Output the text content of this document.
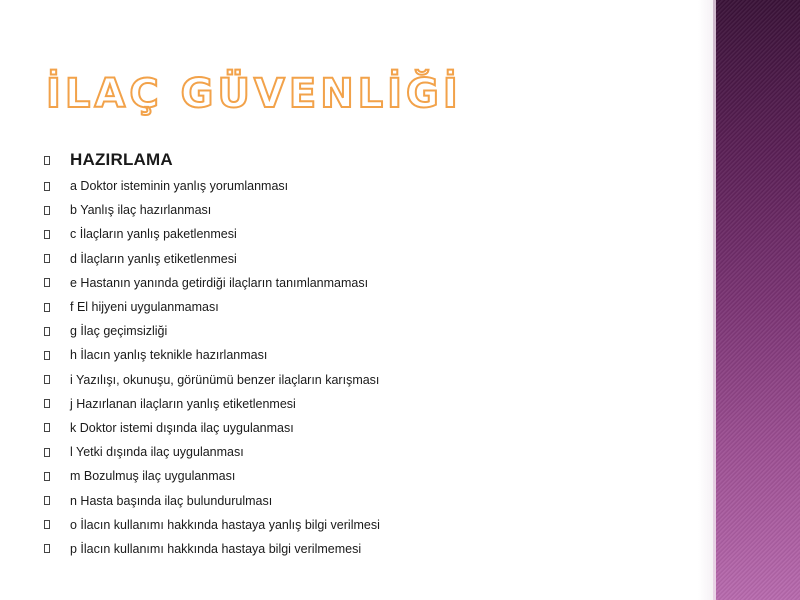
İLAÇ GÜVENLİĞİ
HAZIRLAMA
a Doktor isteminin yanlış yorumlanması
b Yanlış ilaç hazırlanması
c İlaçların yanlış paketlenmesi
d İlaçların yanlış etiketlenmesi
e Hastanın yanında getirdiği ilaçların tanımlanmaması
f El hijyeni uygulanmaması
g İlaç geçimsizliği
h İlacın yanlış teknikle hazırlanması
i Yazılışı, okunuşu, görünümü benzer ilaçların karışması
j Hazırlanan ilaçların yanlış etiketlenmesi
k Doktor istemi dışında ilaç uygulanması
l Yetki dışında ilaç uygulanması
m Bozulmuş ilaç uygulanması
n Hasta başında ilaç bulundurulması
o İlacın kullanımı hakkında hastaya yanlış bilgi verilmesi
p İlacın kullanımı hakkında hastaya bilgi verilmemesi
